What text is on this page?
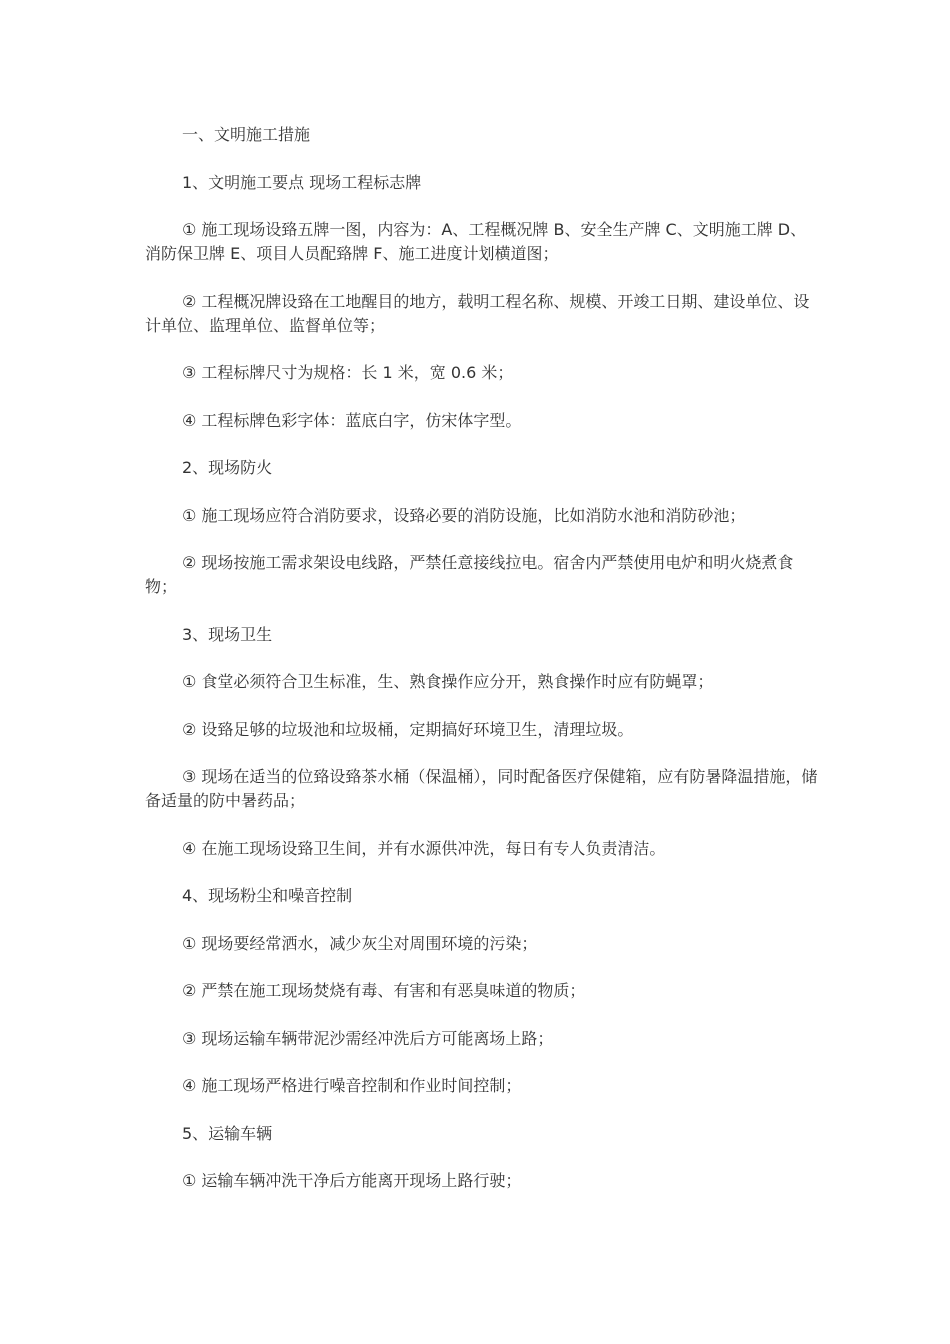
一、文明施工措施

1、文明施工要点 现场工程标志牌

① 施工现场设臵五牌一图，内容为：A、工程概况牌 B、安全生产牌 C、文明施工牌 D、消防保卫牌 E、项目人员配臵牌 F、施工进度计划横道图；

② 工程概况牌设臵在工地醒目的地方，载明工程名称、规模、开竣工日期、建设单位、设计单位、监理单位、监督单位等；

③ 工程标牌尺寸为规格：长 1 米，宽 0.6 米；

④ 工程标牌色彩字体：蓝底白字，仿宋体字型。

2、现场防火

① 施工现场应符合消防要求，设臵必要的消防设施，比如消防水池和消防砂池；

② 现场按施工需求架设电线路，严禁任意接线拉电。宿舍内严禁使用电炉和明火烧煮食物；

3、现场卫生

① 食堂必须符合卫生标准，生、熟食操作应分开，熟食操作时应有防蝇罩；

② 设臵足够的垃圾池和垃圾桶，定期搞好环境卫生，清理垃圾。

③ 现场在适当的位臵设臵茶水桶（保温桶），同时配备医疗保健箱，应有防暑降温措施，储备适量的防中暑药品；

④ 在施工现场设臵卫生间，并有水源供冲洗，每日有专人负责清洁。

4、现场粉尘和噪音控制

① 现场要经常洒水，减少灰尘对周围环境的污染；

② 严禁在施工现场焚烧有毒、有害和有恶臭味道的物质；

③ 现场运输车辆带泥沙需经冲洗后方可能离场上路；

④ 施工现场严格进行噪音控制和作业时间控制；

5、运输车辆

① 运输车辆冲洗干净后方能离开现场上路行驶；
